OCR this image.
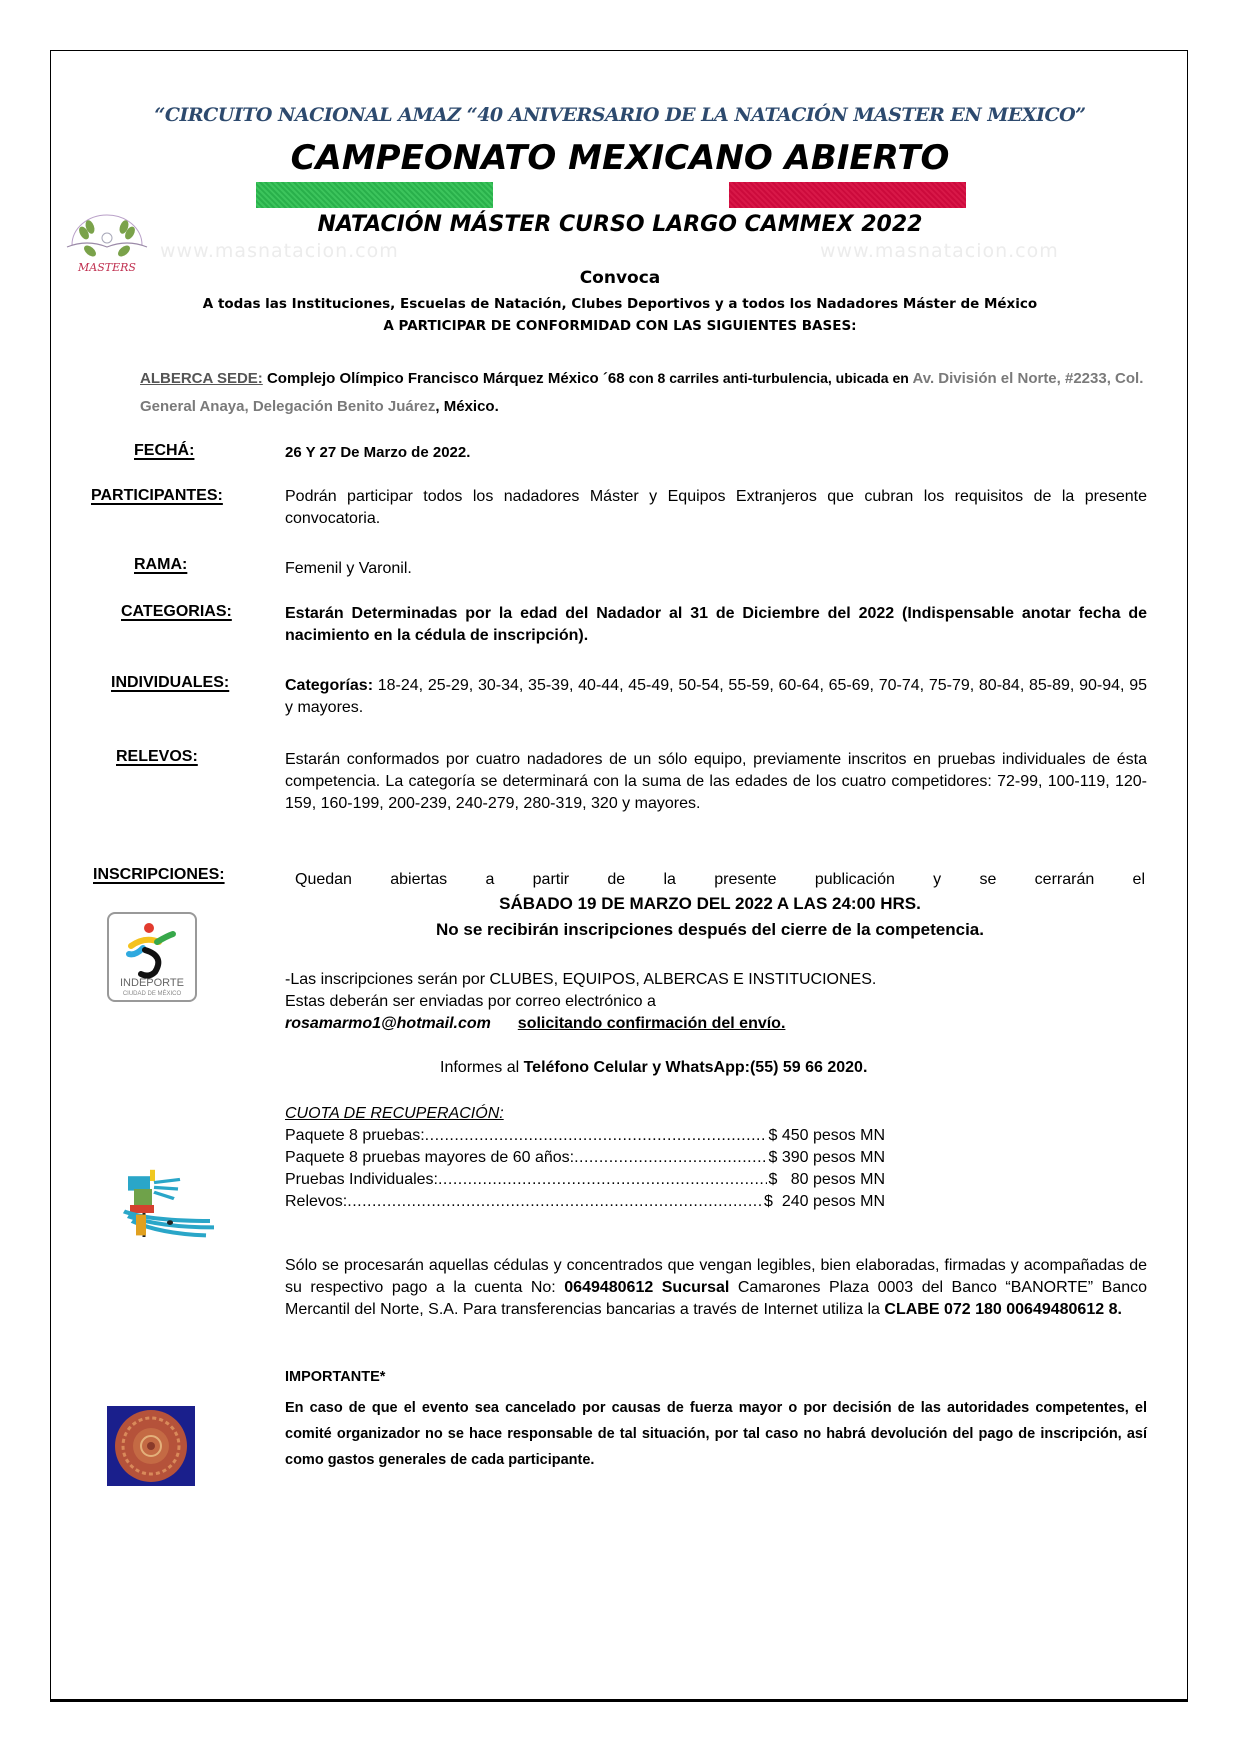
“CIRCUITO NACIONAL AMAZ “40 ANIVERSARIO DE LA NATACIÓN MASTER EN MEXICO”
CAMPEONATO MEXICANO ABIERTO
NATACIÓN MÁSTER CURSO LARGO CAMMEX 2022
MASTERS
www.masnatacion.com	www.masnatacion.com
Convoca
A todas las Instituciones, Escuelas de Natación, Clubes Deportivos y a todos los Nadadores Máster de México
A PARTICIPAR DE CONFORMIDAD CON LAS SIGUIENTES BASES:
ALBERCA SEDE: Complejo Olímpico Francisco Márquez México ´68 con 8 carriles anti-turbulencia, ubicada en Av. División el Norte, #2233, Col. General Anaya, Delegación Benito Juárez, México.
FECHÁ:	26 Y 27 De Marzo de 2022.
PARTICIPANTES:	Podrán participar todos los nadadores Máster y Equipos Extranjeros que cubran los requisitos de la presente convocatoria.
RAMA:	Femenil y Varonil.
CATEGORIAS:	Estarán Determinadas por la edad del Nadador al 31 de Diciembre del 2022 (Indispensable anotar fecha de nacimiento en la cédula de inscripción).
INDIVIDUALES:	Categorías: 18-24, 25-29, 30-34, 35-39, 40-44, 45-49, 50-54, 55-59, 60-64, 65-69, 70-74, 75-79, 80-84, 85-89, 90-94, 95 y mayores.
RELEVOS:	Estarán conformados por cuatro nadadores de un sólo equipo, previamente inscritos en pruebas individuales de ésta competencia. La categoría se determinará con la suma de las edades de los cuatro competidores: 72-99, 100-119, 120-159, 160-199, 200-239, 240-279, 280-319, 320 y mayores.
INSCRIPCIONES:	Quedan abiertas a partir de la presente publicación y se cerrarán el
SÁBADO 19 DE MARZO DEL 2022 A LAS 24:00 HRS.
No se recibirán inscripciones después del cierre de la competencia.
INDEPORTE
CIUDAD DE MÉXICO
-Las inscripciones serán por CLUBES, EQUIPOS, ALBERCAS E INSTITUCIONES.
Estas deberán ser enviadas por correo electrónico a
rosamarmo1@hotmail.com solicitando confirmación del envío.
Informes al Teléfono Celular y WhatsApp:(55) 59 66 2020.
CUOTA DE RECUPERACIÓN:
Paquete 8 pruebas: .....	$ 450 pesos MN
Paquete 8 pruebas mayores de 60 años: .....	$ 390 pesos MN
Pruebas Individuales: .....	$   80 pesos MN
Relevos: .....	$  240 pesos MN
Sólo se procesarán aquellas cédulas y concentrados que vengan legibles, bien elaboradas, firmadas y acompañadas de su respectivo pago a la cuenta No: 0649480612 Sucursal Camarones Plaza 0003 del Banco “BANORTE” Banco Mercantil del Norte, S.A. Para transferencias bancarias a través de Internet utiliza la CLABE 072 180 00649480612 8.
IMPORTANTE*
En caso de que el evento sea cancelado por causas de fuerza mayor o por decisión de las autoridades competentes, el comité organizador no se hace responsable de tal situación, por tal caso no habrá devolución del pago de inscripción, así como gastos generales de cada participante.
